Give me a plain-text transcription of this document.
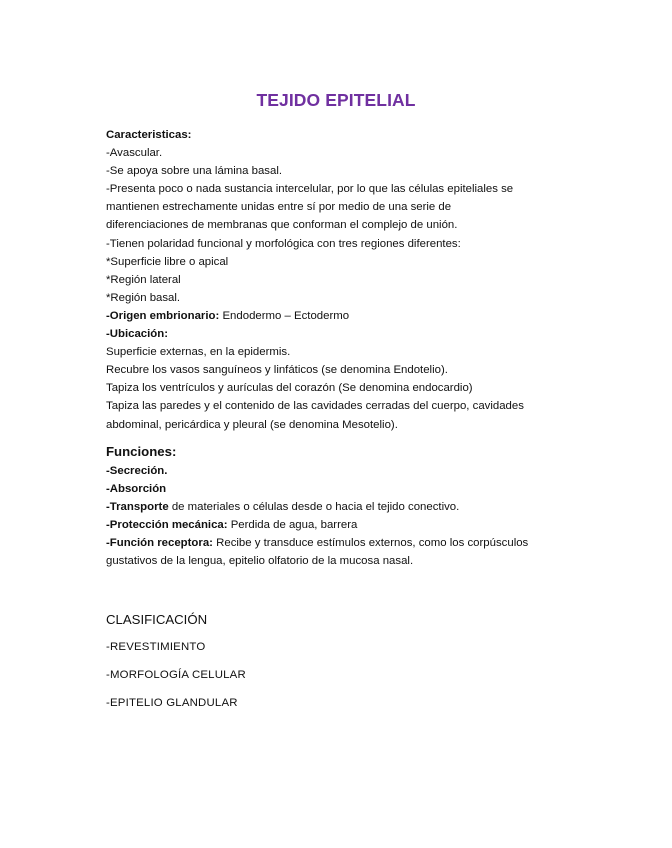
TEJIDO EPITELIAL
Caracteristicas:
-Avascular.
-Se apoya sobre una lámina basal.
-Presenta poco o nada sustancia intercelular, por lo que las células epiteliales se
mantienen estrechamente unidas entre sí por medio de una serie de
diferenciaciones de membranas que conforman el complejo de unión.
-Tienen polaridad funcional y morfológica con tres regiones diferentes:
*Superficie libre o apical
*Región lateral
*Región basal.
-Origen embrionario: Endodermo – Ectodermo
-Ubicación:
Superficie externas, en la epidermis.
Recubre los vasos sanguíneos y linfáticos (se denomina Endotelio).
Tapiza los ventrículos y aurículas del corazón (Se denomina endocardio)
Tapiza las paredes y el contenido de las cavidades cerradas del cuerpo, cavidades
abdominal, pericárdica y pleural (se denomina Mesotelio).
Funciones:
-Secreción.
-Absorción
-Transporte de materiales o células desde o hacia el tejido conectivo.
-Protección mecánica: Perdida de agua, barrera
-Función receptora: Recibe y transduce estímulos externos, como los corpúsculos
gustativos de la lengua, epitelio olfatorio de la mucosa nasal.
CLASIFICACIÓN
-REVESTIMIENTO
-MORFOLOGÍA CELULAR
-EPITELIO GLANDULAR
